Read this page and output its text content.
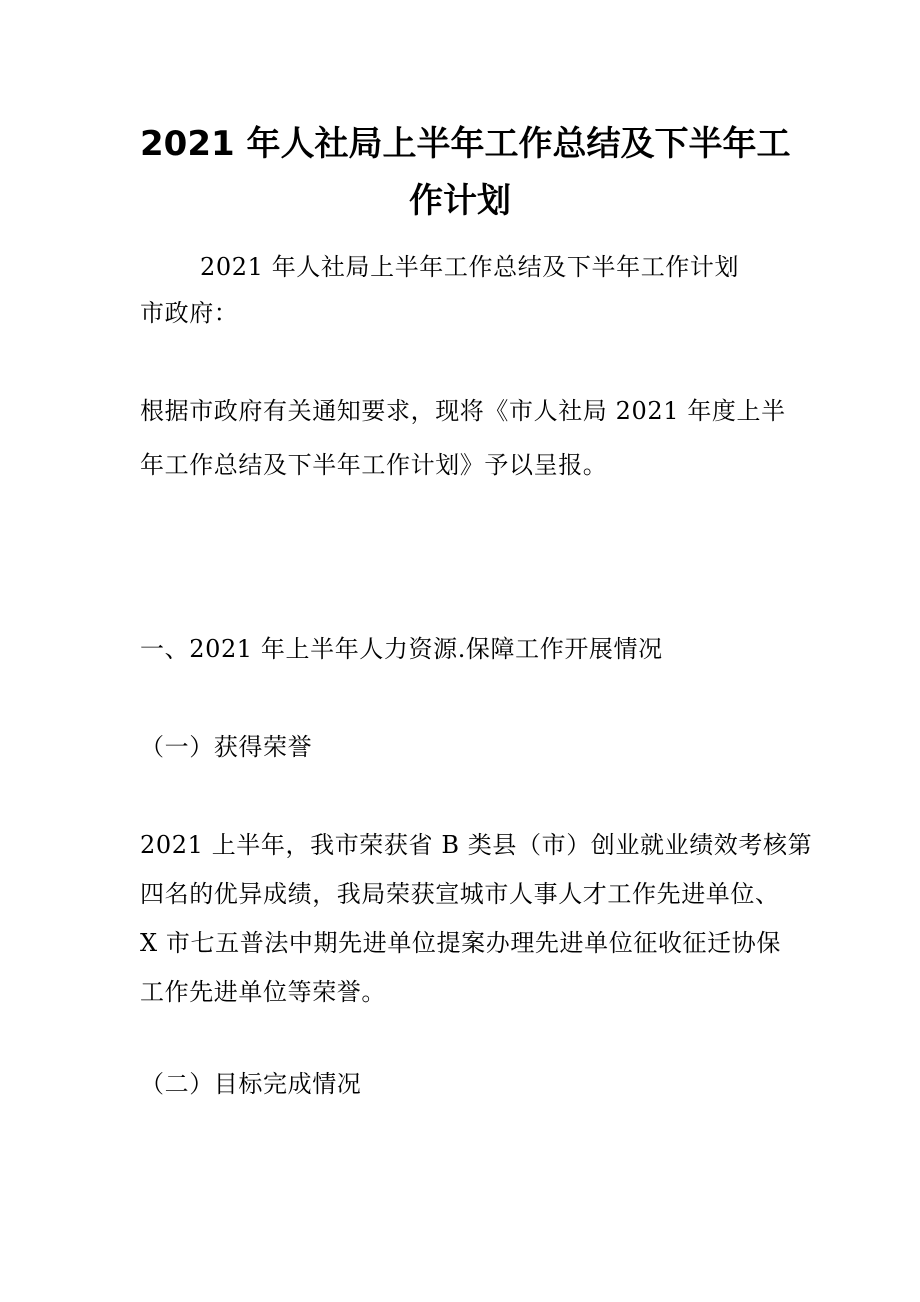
2021 年人社局上半年工作总结及下半年工
作计划

2021 年人社局上半年工作总结及下半年工作计划

市政府：

根据市政府有关通知要求，现将《市人社局 2021 年度上半

年工作总结及下半年工作计划》予以呈报。

一、2021 年上半年人力资源.保障工作开展情况

（一）获得荣誉

2021 上半年，我市荣获省 B 类县（市）创业就业绩效考核第

四名的优异成绩，我局荣获宣城市人事人才工作先进单位、

X 市七五普法中期先进单位提案办理先进单位征收征迁协保

工作先进单位等荣誉。

（二）目标完成情况
